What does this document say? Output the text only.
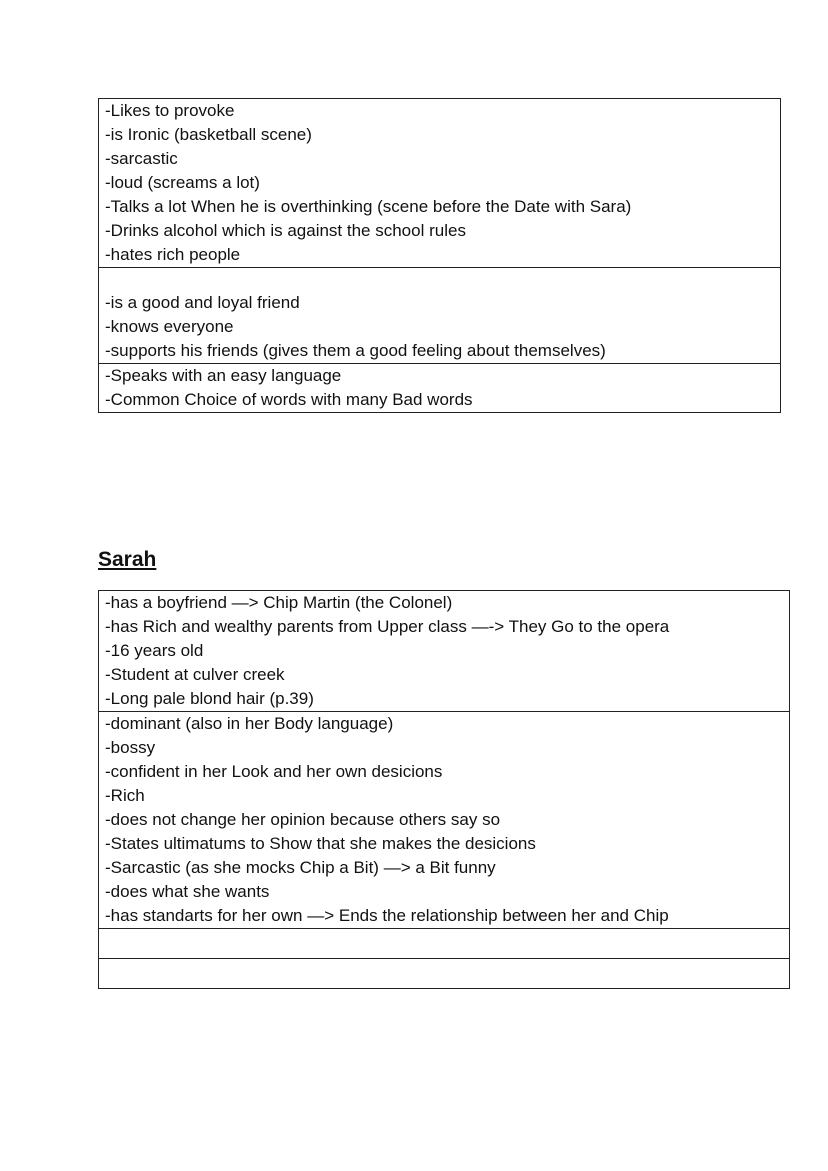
-Likes to provoke
-is Ironic (basketball scene)
-sarcastic
-loud (screams a lot)
-Talks a lot When he is overthinking (scene before the Date with Sara)
-Drinks alcohol which is against the school rules
-hates rich people

-is a good and loyal friend
-knows everyone
-supports his friends (gives them a good feeling about themselves)

-Speaks with an easy language
-Common Choice of words with many Bad words
Sarah
-has a boyfriend —> Chip Martin (the Colonel)
-has Rich and wealthy parents from Upper class —-> They Go to the opera
-16 years old
-Student at culver creek
-Long pale blond hair (p.39)

-dominant (also in her Body language)
-bossy
-confident in her Look and her own desicions
-Rich
-does not change her opinion because others say so
-States ultimatums to Show that she makes the desicions
-Sarcastic (as she mocks Chip a Bit) —> a Bit funny
-does what she wants
-has standarts for her own —> Ends the relationship between her and Chip
